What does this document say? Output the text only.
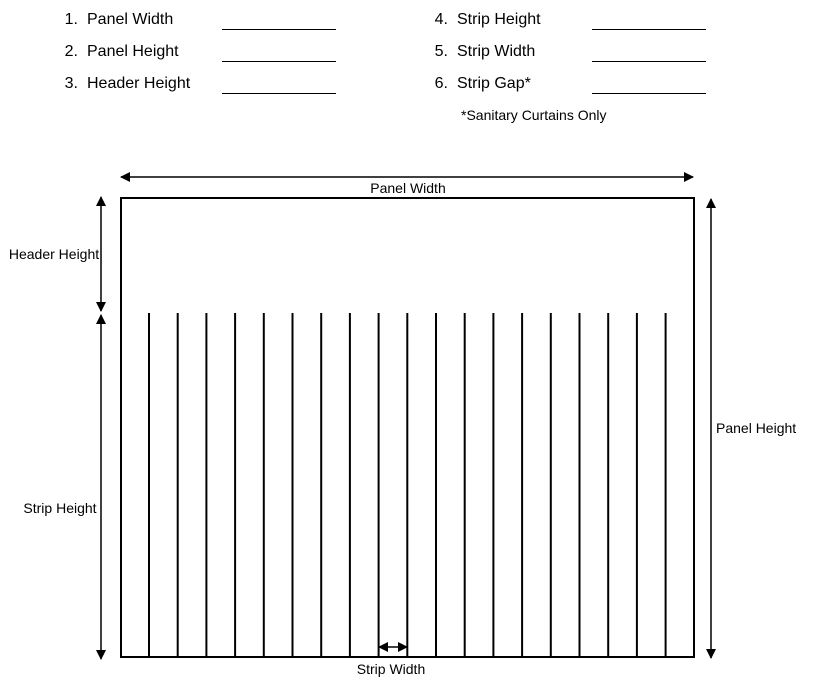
1. Panel Width
2. Panel Height
3. Header Height
4. Strip Height
5. Strip Width
6. Strip Gap*
*Sanitary Curtains Only
Panel Width
Panel Height
Header Height
Strip Height
Strip Width
